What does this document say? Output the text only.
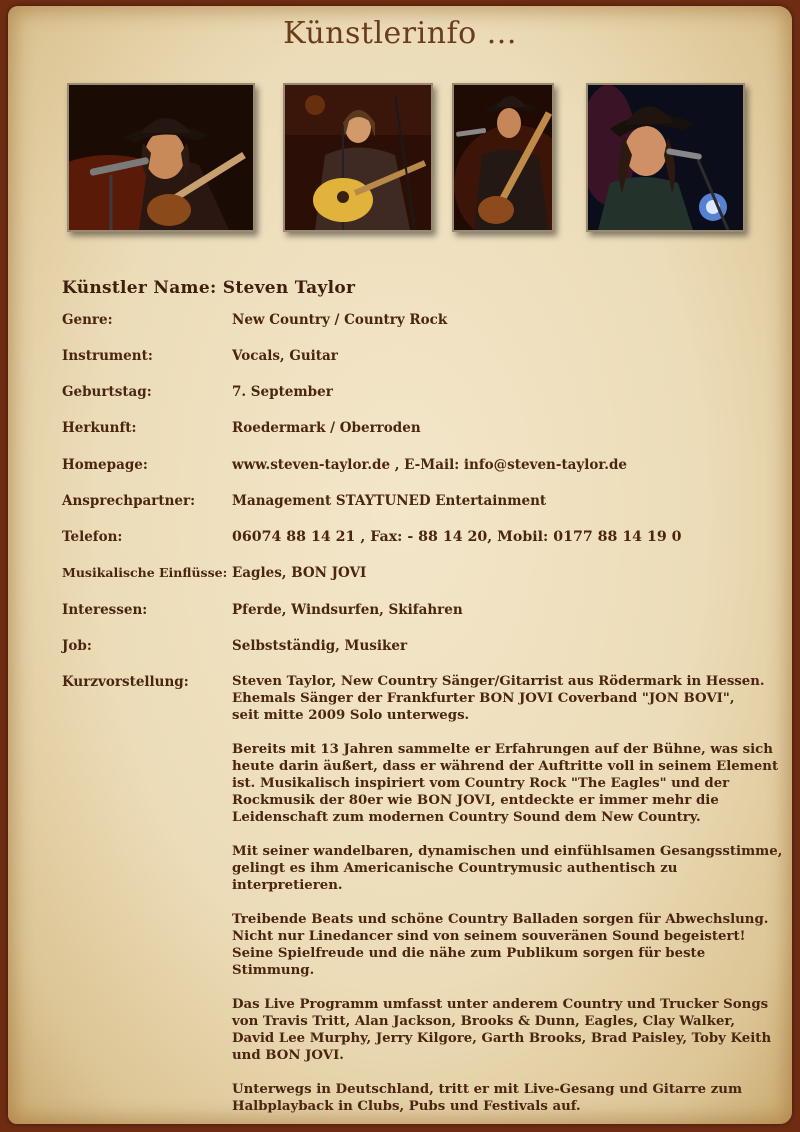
Künstlerinfo ...
Künstler Name: Steven Taylor
Genre:	New Country / Country Rock
Instrument:	Vocals, Guitar
Geburtstag:	7. September
Herkunft:	Roedermark / Oberroden
Homepage:	www.steven-taylor.de , E-Mail: info@steven-taylor.de
Ansprechpartner:	Management STAYTUNED Entertainment
Telefon:	06074 88 14 21 , Fax: - 88 14 20, Mobil: 0177 88 14 19 0
Musikalische Einflüsse: Eagles, BON JOVI
Interessen:	Pferde, Windsurfen, Skifahren
Job:	Selbstständig, Musiker
Kurzvorstellung:	Steven Taylor, New Country Sänger/Gitarrist aus Rödermark in Hessen.
Ehemals Sänger der Frankfurter BON JOVI Coverband "JON BOVI",
seit mitte 2009 Solo unterwegs.

Bereits mit 13 Jahren sammelte er Erfahrungen auf der Bühne, was sich
heute darin äußert, dass er während der Auftritte voll in seinem Element
ist. Musikalisch inspiriert vom Country Rock "The Eagles" und der
Rockmusik der 80er wie BON JOVI, entdeckte er immer mehr die
Leidenschaft zum modernen Country Sound dem New Country.

Mit seiner wandelbaren, dynamischen und einfühlsamen Gesangsstimme,
gelingt es ihm Americanische Countrymusic authentisch zu interpretieren.

Treibende Beats und schöne Country Balladen sorgen für Abwechslung.
Nicht nur Linedancer sind von seinem souveränen Sound begeistert!
Seine Spielfreude und die nähe zum Publikum sorgen für beste Stimmung.

Das Live Programm umfasst unter anderem Country und Trucker Songs
von Travis Tritt, Alan Jackson, Brooks & Dunn, Eagles, Clay Walker,
David Lee Murphy, Jerry Kilgore, Garth Brooks, Brad Paisley, Toby Keith
und BON JOVI.

Unterwegs in Deutschland, tritt er mit Live-Gesang und Gitarre zum
Halbplayback in Clubs, Pubs und Festivals auf.
